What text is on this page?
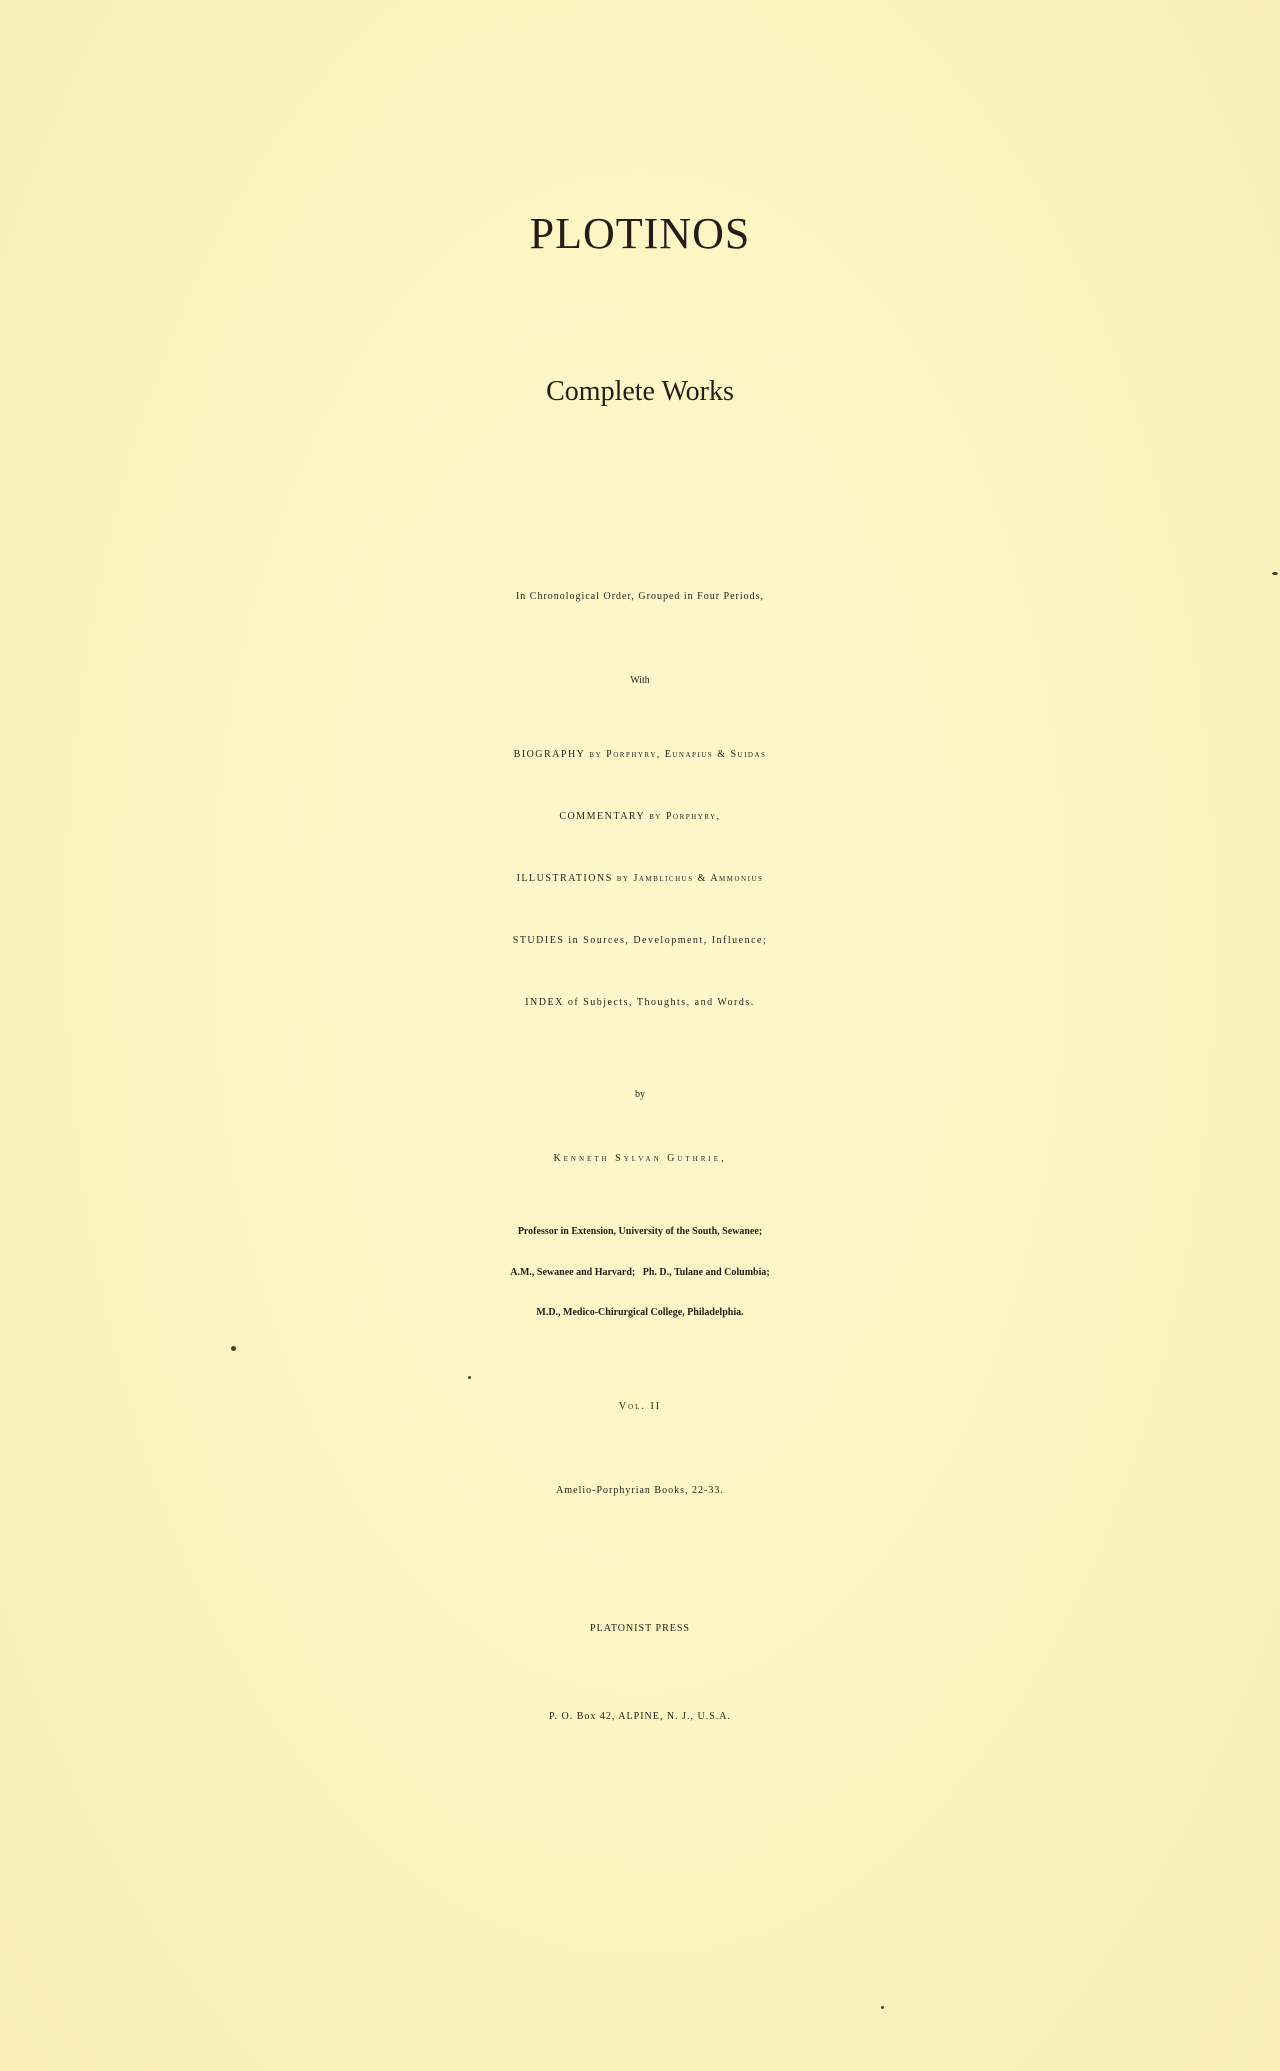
PLOTINOS
Complete Works
In Chronological Order, Grouped in Four Periods,
With
BIOGRAPHY by Porphyry, Eunapius & Suidas
COMMENTARY by Porphyry,
ILLUSTRATIONS by Jamblichus & Ammonius
STUDIES in Sources, Development, Influence;
INDEX of Subjects, Thoughts, and Words.
by
Kenneth Sylvan Guthrie,
Professor in Extension, University of the South, Sewanee;
A.M., Sewanee and Harvard;   Ph. D., Tulane and Columbia;
M.D., Medico-Chirurgical College, Philadelphia.
Vol. II
Amelio-Porphyrian Books, 22-33.
PLATONIST PRESS
P. O. Box 42, ALPINE, N. J., U.S.A.
